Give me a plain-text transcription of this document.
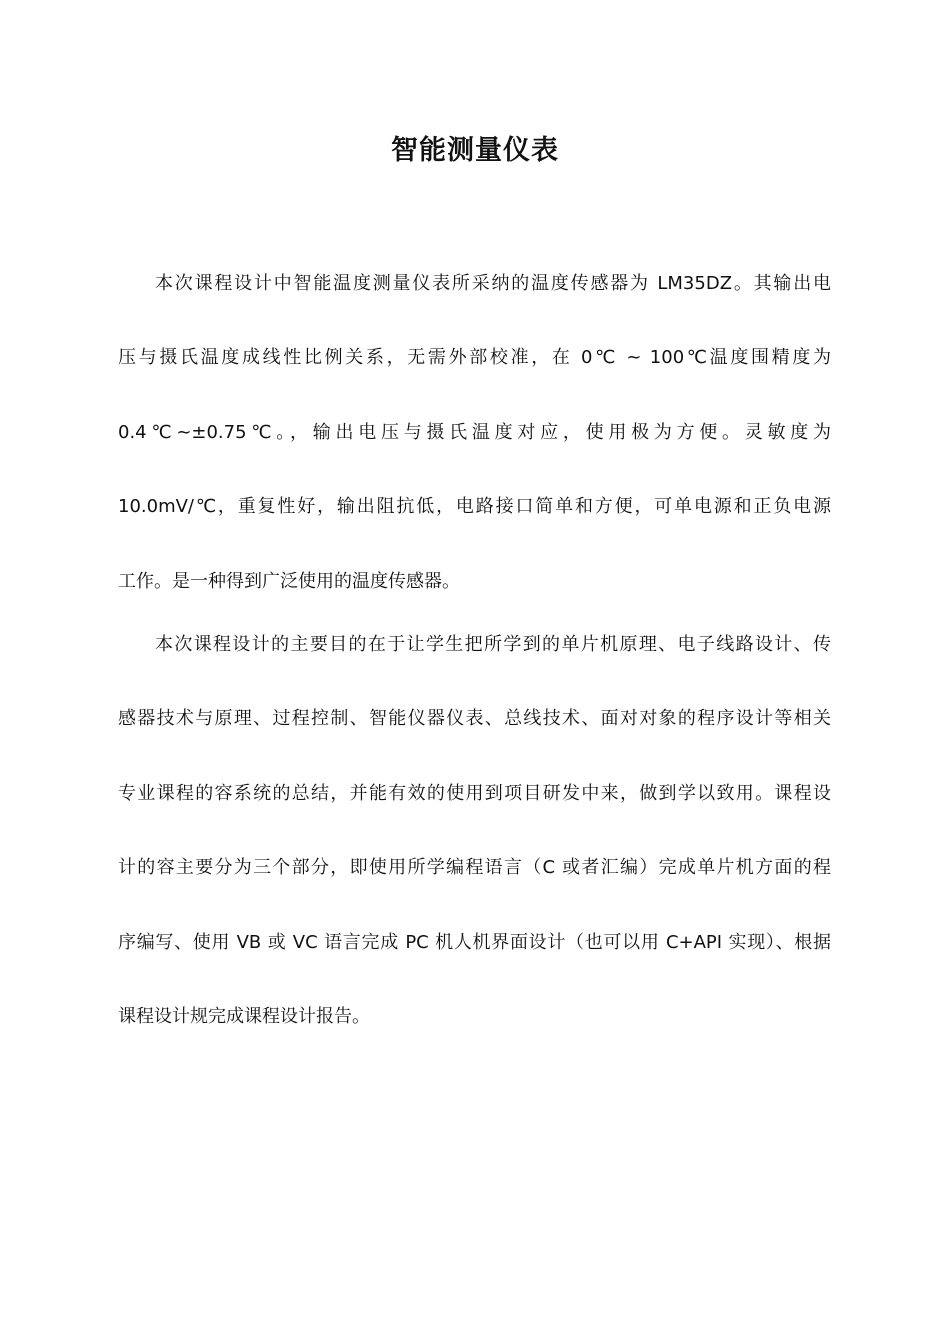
智能测量仪表
本次课程设计中智能温度测量仪表所采纳的温度传感器为 LM35DZ。其输出电
压与摄氏温度成线性比例关系，无需外部校准，在 0℃ ~ 100℃温度围精度为
0.4℃~±0.75℃。，输出电压与摄氏温度对应，使用极为方便。灵敏度为
10.0mV/℃，重复性好，输出阻抗低，电路接口简单和方便，可单电源和正负电源
工作。是一种得到广泛使用的温度传感器。
本次课程设计的主要目的在于让学生把所学到的单片机原理、电子线路设计、传
感器技术与原理、过程控制、智能仪器仪表、总线技术、面对对象的程序设计等相关
专业课程的容系统的总结，并能有效的使用到项目研发中来，做到学以致用。课程设
计的容主要分为三个部分，即使用所学编程语言（C 或者汇编）完成单片机方面的程
序编写、使用 VB 或 VC 语言完成 PC 机人机界面设计（也可以用 C+API 实现）、根据
课程设计规完成课程设计报告。
